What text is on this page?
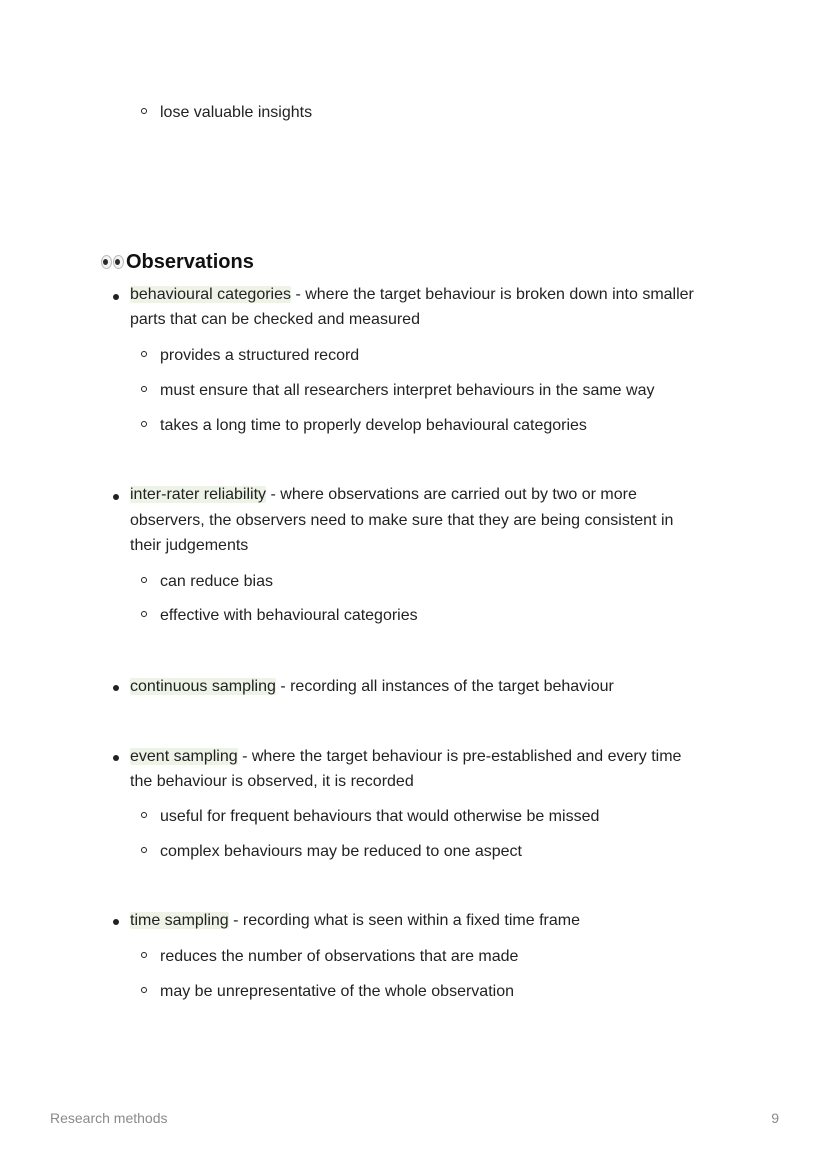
lose valuable insights
Observations
behavioural categories - where the target behaviour is broken down into smaller
parts that can be checked and measured
provides a structured record
must ensure that all researchers interpret behaviours in the same way
takes a long time to properly develop behavioural categories
inter-rater reliability - where observations are carried out by two or more
observers, the observers need to make sure that they are being consistent in
their judgements
can reduce bias
effective with behavioural categories
continuous sampling - recording all instances of the target behaviour
event sampling - where the target behaviour is pre-established and every time
the behaviour is observed, it is recorded
useful for frequent behaviours that would otherwise be missed
complex behaviours may be reduced to one aspect
time sampling - recording what is seen within a fixed time frame
reduces the number of observations that are made
may be unrepresentative of the whole observation
Research methods	9
